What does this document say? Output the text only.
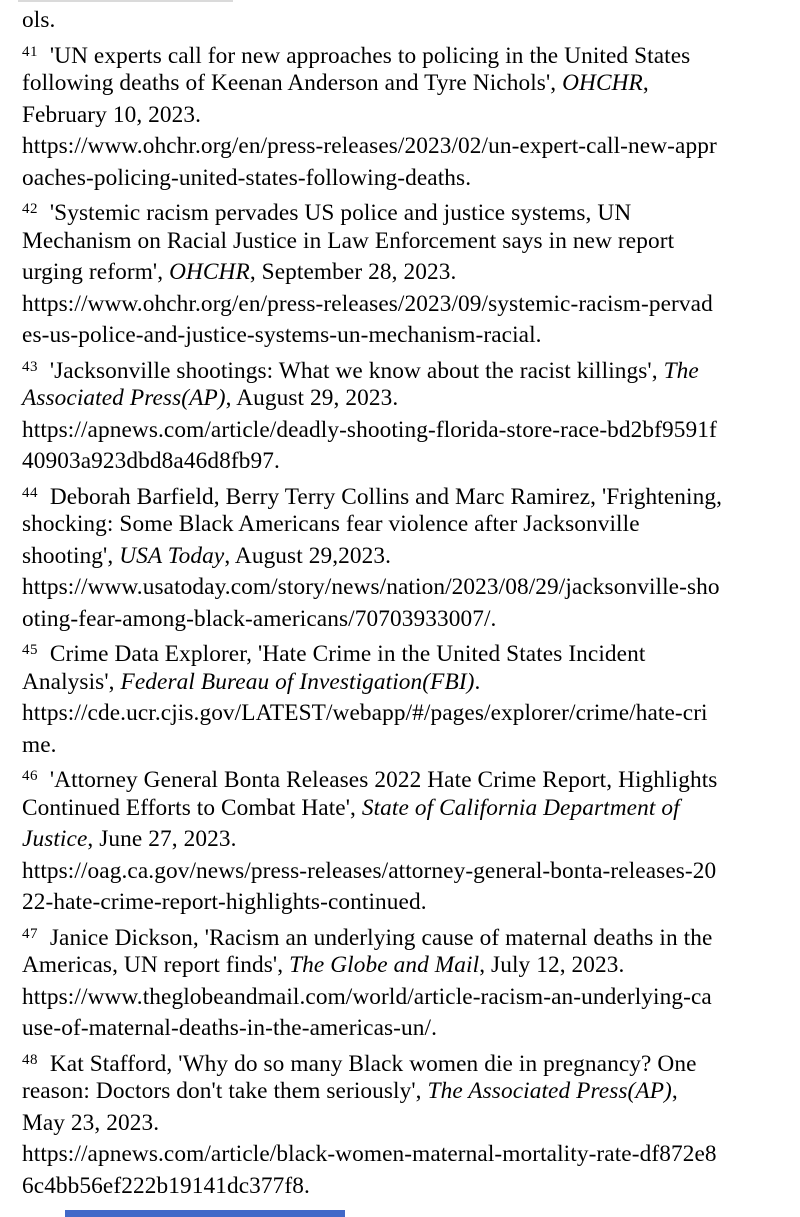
ols.
$^{41}$  'UN experts call for new approaches to policing in the United States
following deaths of Keenan Anderson and Tyre Nichols', OHCHR,
February 10, 2023.
https://www.ohchr.org/en/press-releases/2023/02/un-expert-call-new-appr
oaches-policing-united-states-following-deaths.
$^{42}$  'Systemic racism pervades US police and justice systems, UN
Mechanism on Racial Justice in Law Enforcement says in new report
urging reform', OHCHR, September 28, 2023.
https://www.ohchr.org/en/press-releases/2023/09/systemic-racism-pervad
es-us-police-and-justice-systems-un-mechanism-racial.
$^{43}$  'Jacksonville shootings: What we know about the racist killings', The
Associated Press(AP), August 29, 2023.
https://apnews.com/article/deadly-shooting-florida-store-race-bd2bf9591f
40903a923dbd8a46d8fb97.
$^{44}$  Deborah Barfield, Berry Terry Collins and Marc Ramirez, 'Frightening,
shocking: Some Black Americans fear violence after Jacksonville
shooting', USA Today, August 29,2023.
https://www.usatoday.com/story/news/nation/2023/08/29/jacksonville-sho
oting-fear-among-black-americans/70703933007/.
$^{45}$  Crime Data Explorer, 'Hate Crime in the United States Incident
Analysis', Federal Bureau of Investigation(FBI).
https://cde.ucr.cjis.gov/LATEST/webapp/#/pages/explorer/crime/hate-cri
me.
$^{46}$  'Attorney General Bonta Releases 2022 Hate Crime Report, Highlights
Continued Efforts to Combat Hate', State of California Department of
Justice, June 27, 2023.
https://oag.ca.gov/news/press-releases/attorney-general-bonta-releases-20
22-hate-crime-report-highlights-continued.
$^{47}$  Janice Dickson, 'Racism an underlying cause of maternal deaths in the
Americas, UN report finds', The Globe and Mail, July 12, 2023.
https://www.theglobeandmail.com/world/article-racism-an-underlying-ca
use-of-maternal-deaths-in-the-americas-un/.
$^{48}$  Kat Stafford, 'Why do so many Black women die in pregnancy? One
reason: Doctors don't take them seriously', The Associated Press(AP),
May 23, 2023.
https://apnews.com/article/black-women-maternal-mortality-rate-df872e8
6c4bb56ef222b19141dc377f8.
